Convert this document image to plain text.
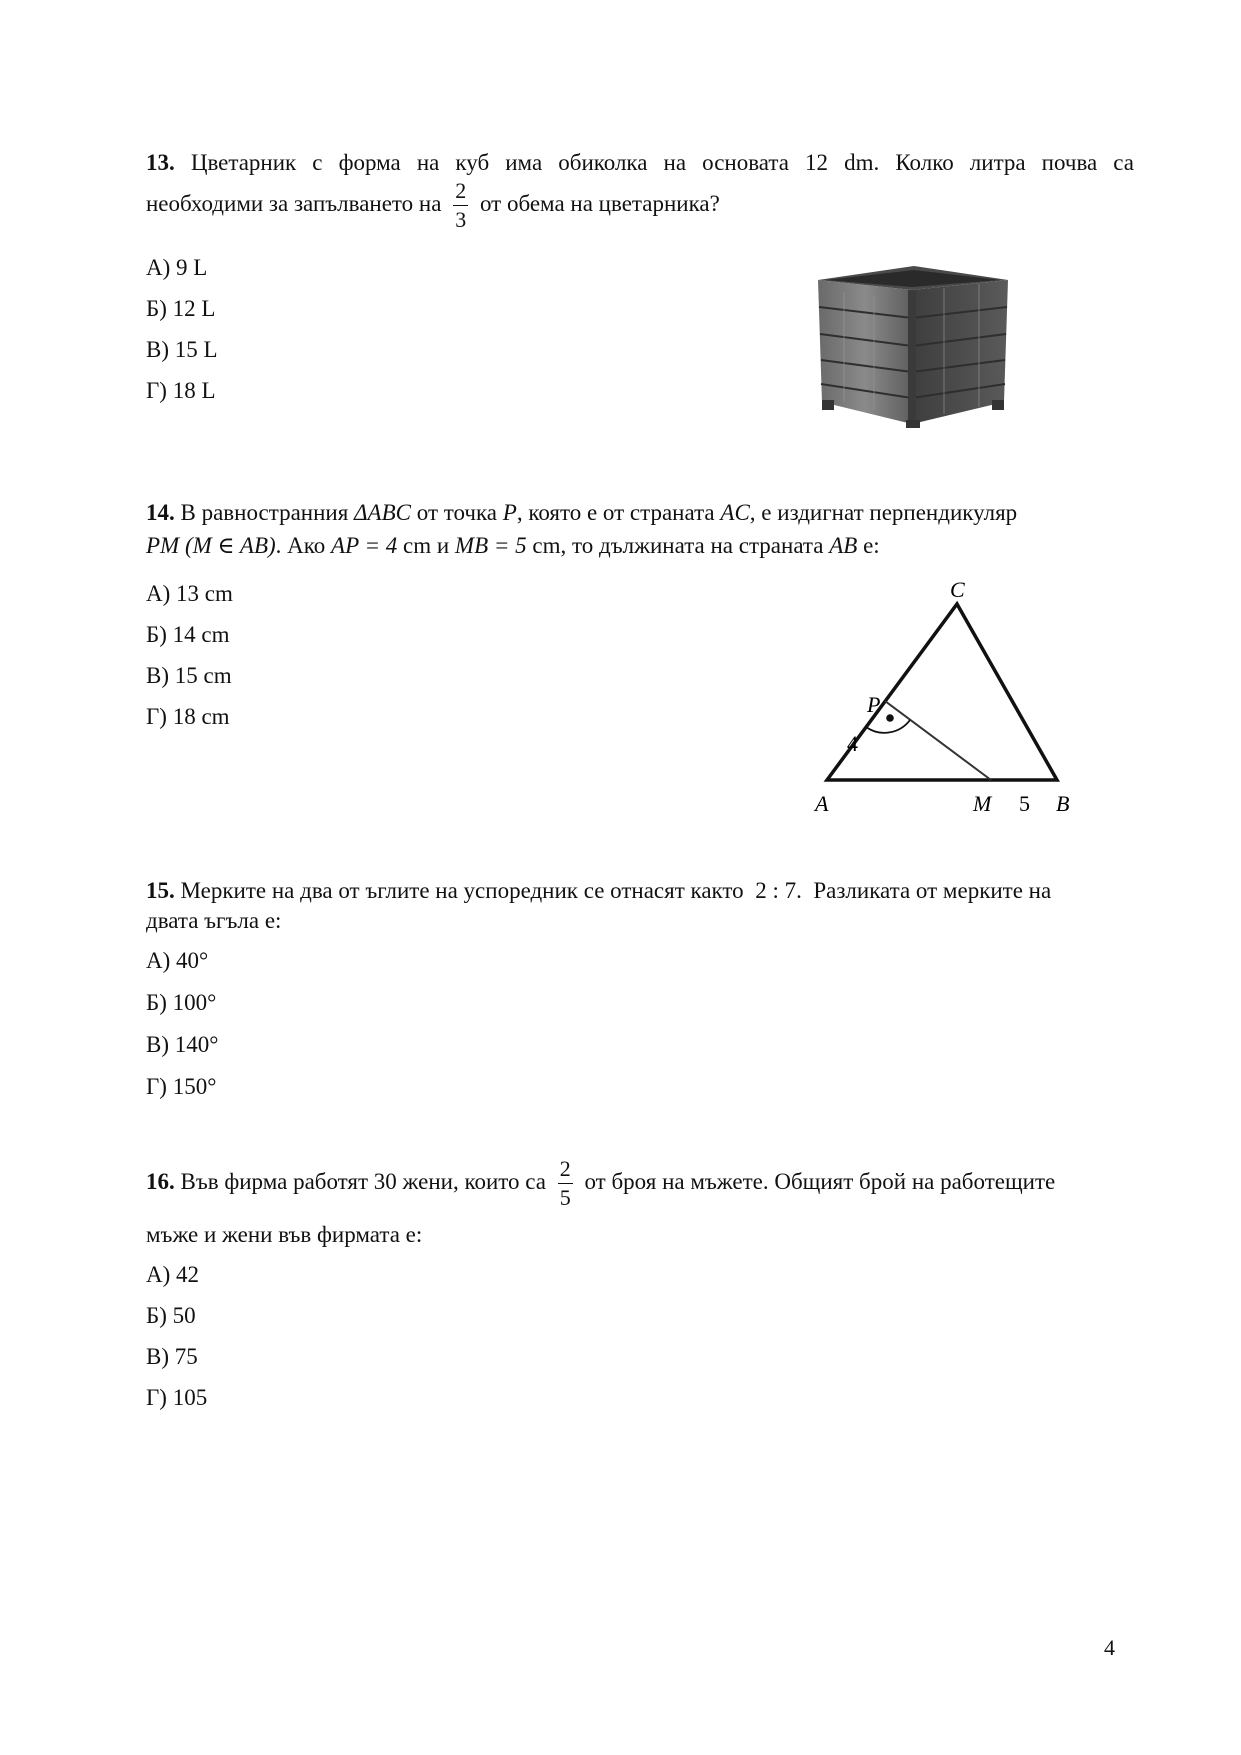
13. Цветарник с форма на куб има обиколка на основата 12 dm. Колко литра почва са
необходими за запълването на $\frac{2}{3}$ от обема на цветарника?
А) 9 L
Б) 12 L
В) 15 L
Г) 18 L
14. В равностранния ΔABC от точка P, която е от страната AC, е издигнат перпендикуляр
PM (M ∈ AB). Ако AP = 4 cm и MB = 5 cm, то дължината на страната AB е:
А) 13 cm
Б) 14 cm
В) 15 cm
Г) 18 cm
C
P
A	M	B
4
5
15. Мерките на два от ъглите на успоредник се отнасят както 2 : 7. Разликата от мерките на
двата ъгъла е:
А) 40°
Б) 100°
В) 140°
Г) 150°
16. Във фирма работят 30 жени, които са $\frac{2}{5}$ от броя на мъжете. Общият брой на работещите
мъже и жени във фирмата е:
А) 42
Б) 50
В) 75
Г) 105
4
